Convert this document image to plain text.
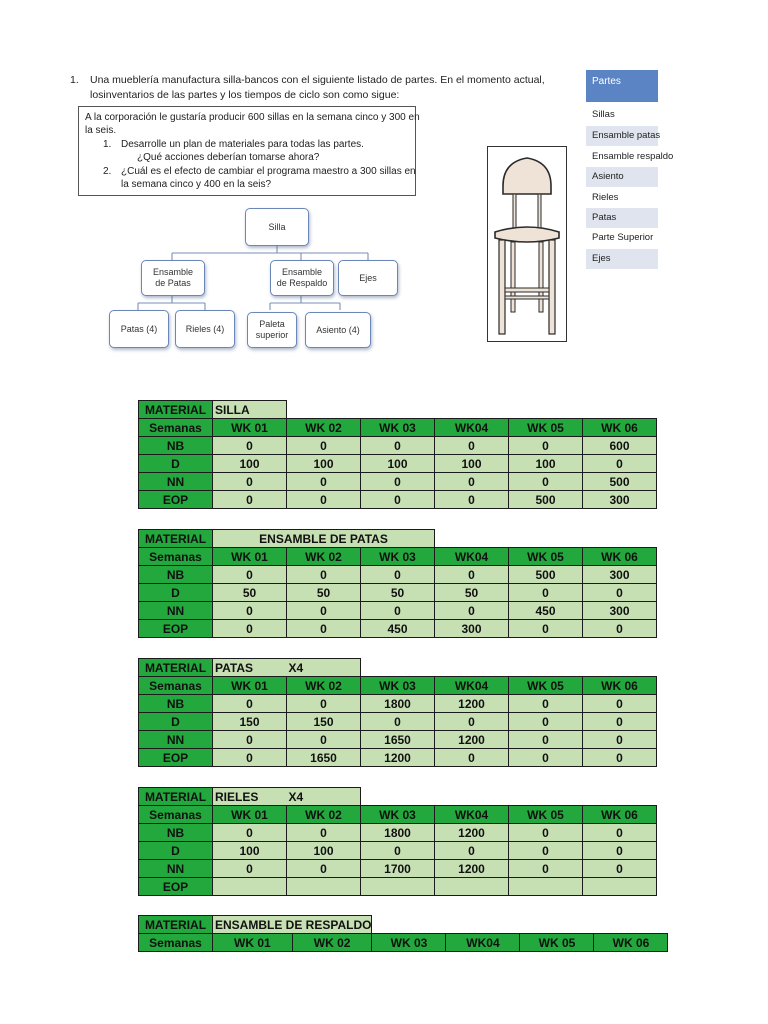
1. Una mueblería manufactura silla-bancos con el siguiente listado de partes. En el momento actual,
losinventarios de las partes y los tiempos de ciclo son como sigue:
A la corporación le gustaría producir 600 sillas en la semana cinco y 300 en
la seis.
1. Desarrolle un plan de materiales para todas las partes.
¿Qué acciones deberían tomarse ahora?
2. ¿Cuál es el efecto de cambiar el programa maestro a 300 sillas en
la semana cinco y 400 en la seis?
Silla
Ensamble
de Patas
Ensamble
de Respaldo
Ejes
Patas (4)	Rieles (4)	Paleta
superior
Asiento (4)
Partes
Sillas
Ensamble patas
Ensamble respaldo
Asiento
Rieles
Patas
Parte Superior
Ejes
MATERIAL	SILLA					
Semanas	WK 01	WK 02	WK 03	WK04	WK 05	WK 06
NB	0	0	0	0	0	600
D	100	100	100	100	100	0
NN	0	0	0	0	0	500
EOP	0	0	0	0	500	300
MATERIAL	ENSAMBLE DE PATAS					
Semanas	WK 01	WK 02	WK 03	WK04	WK 05	WK 06
NB	0	0	0	0	500	300
D	50	50	50	50	0	0
NN	0	0	0	0	450	300
EOP	0	0	450	300	0	0
MATERIAL	PATAS	X4				
Semanas	WK 01	WK 02	WK 03	WK04	WK 05	WK 06
NB	0	0	1800	1200	0	0
D	150	150	0	0	0	0
NN	0	0	1650	1200	0	0
EOP	0	1650	1200	0	0	0
MATERIAL	RIELES	X4				
Semanas	WK 01	WK 02	WK 03	WK04	WK 05	WK 06
NB	0	0	1800	1200	0	0
D	100	100	0	0	0	0
NN	0	0	1700	1200	0	0
EOP						
MATERIAL	ENSAMBLE DE RESPALDO					
Semanas	WK 01	WK 02	WK 03	WK04	WK 05	WK 06
